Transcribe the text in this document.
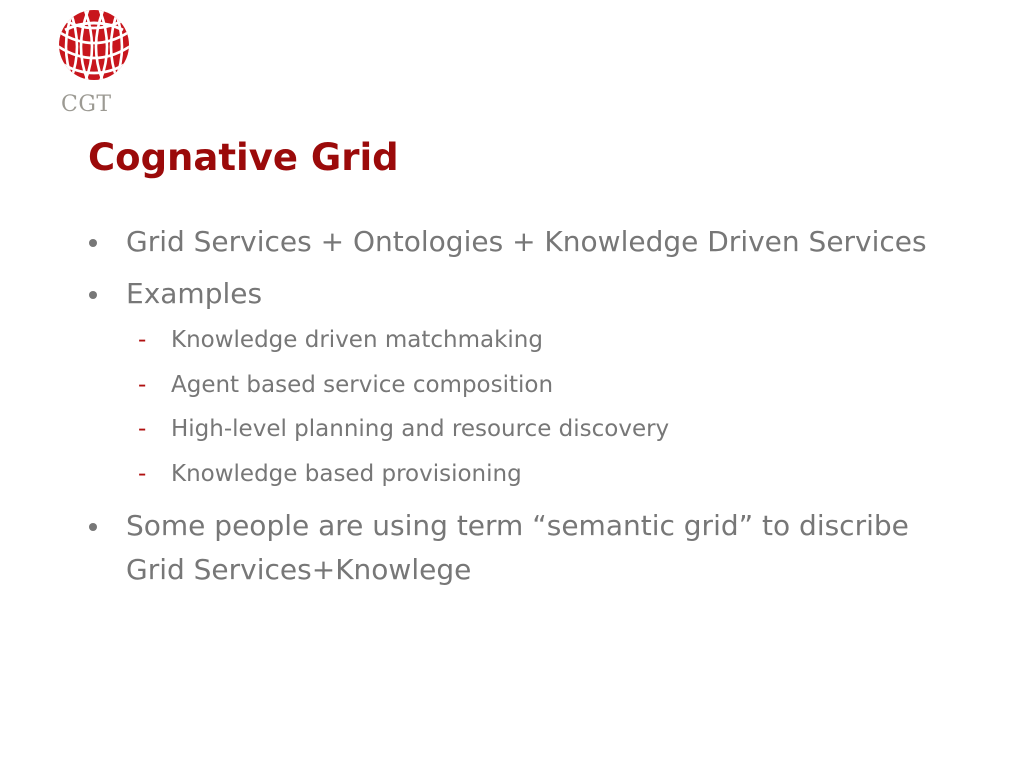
CGT
Cognative Grid
Grid Services + Ontologies + Knowledge Driven Services
Examples
- Knowledge driven matchmaking
- Agent based service composition
- High-level planning and resource discovery
- Knowledge based provisioning
Some people are using term “semantic grid” to discribe Grid Services+Knowlege
